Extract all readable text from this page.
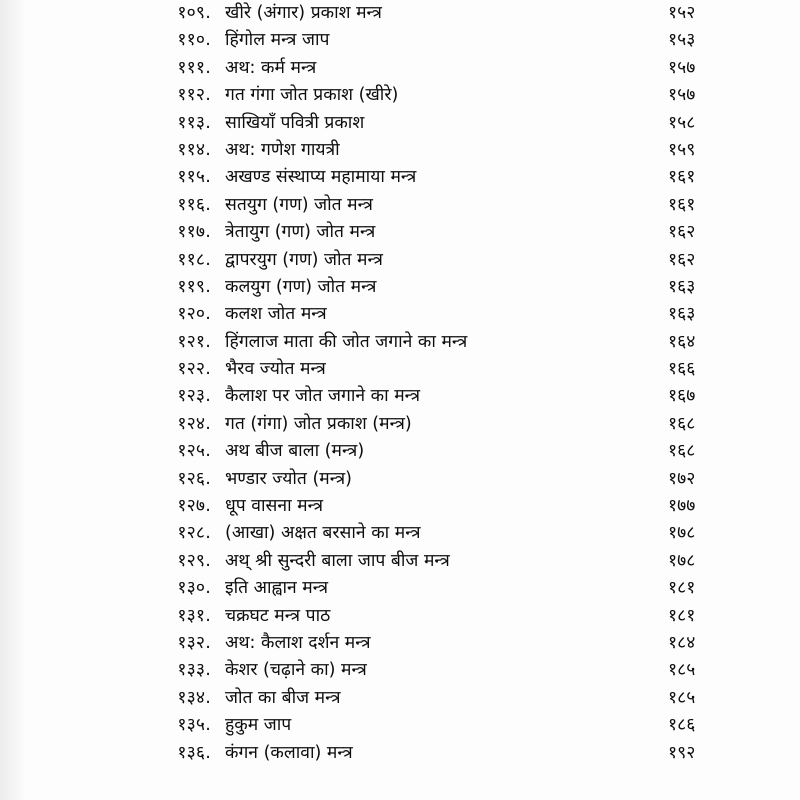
१०९. खीरे (अंगार) प्रकाश मन्त्र	१५२
११०. हिंगोल मन्त्र जाप	१५३
१११. अथ: कर्म मन्त्र	१५७
११२. गत गंगा जोत प्रकाश (खीरे)	१५७
११३. साखियाँ पवित्री प्रकाश	१५८
११४. अथ: गणेश गायत्री	१५९
११५. अखण्ड संस्थाप्य महामाया मन्त्र	१६१
११६. सतयुग (गण) जोत मन्त्र	१६१
११७. त्रेतायुग (गण) जोत मन्त्र	१६२
११८. द्वापरयुग (गण) जोत मन्त्र	१६२
११९. कलयुग (गण) जोत मन्त्र	१६३
१२०. कलश जोत मन्त्र	१६३
१२१. हिंगलाज माता की जोत जगाने का मन्त्र	१६४
१२२. भैरव ज्योत मन्त्र	१६६
१२३. कैलाश पर जोत जगाने का मन्त्र	१६७
१२४. गत (गंगा) जोत प्रकाश (मन्त्र)	१६८
१२५. अथ बीज बाला (मन्त्र)	१६८
१२६. भण्डार ज्योत (मन्त्र)	१७२
१२७. धूप वासना मन्त्र	१७७
१२८. (आखा) अक्षत बरसाने का मन्त्र	१७८
१२९. अथ् श्री सुन्दरी बाला जाप बीज मन्त्र	१७८
१३०. इति आह्वान मन्त्र	१८१
१३१. चक्रघट मन्त्र पाठ	१८१
१३२. अथ: कैलाश दर्शन मन्त्र	१८४
१३३. केशर (चढ़ाने का) मन्त्र	१८५
१३४. जोत का बीज मन्त्र	१८५
१३५. हुकुम जाप	१८६
१३६. कंगन (कलावा) मन्त्र	१९२
